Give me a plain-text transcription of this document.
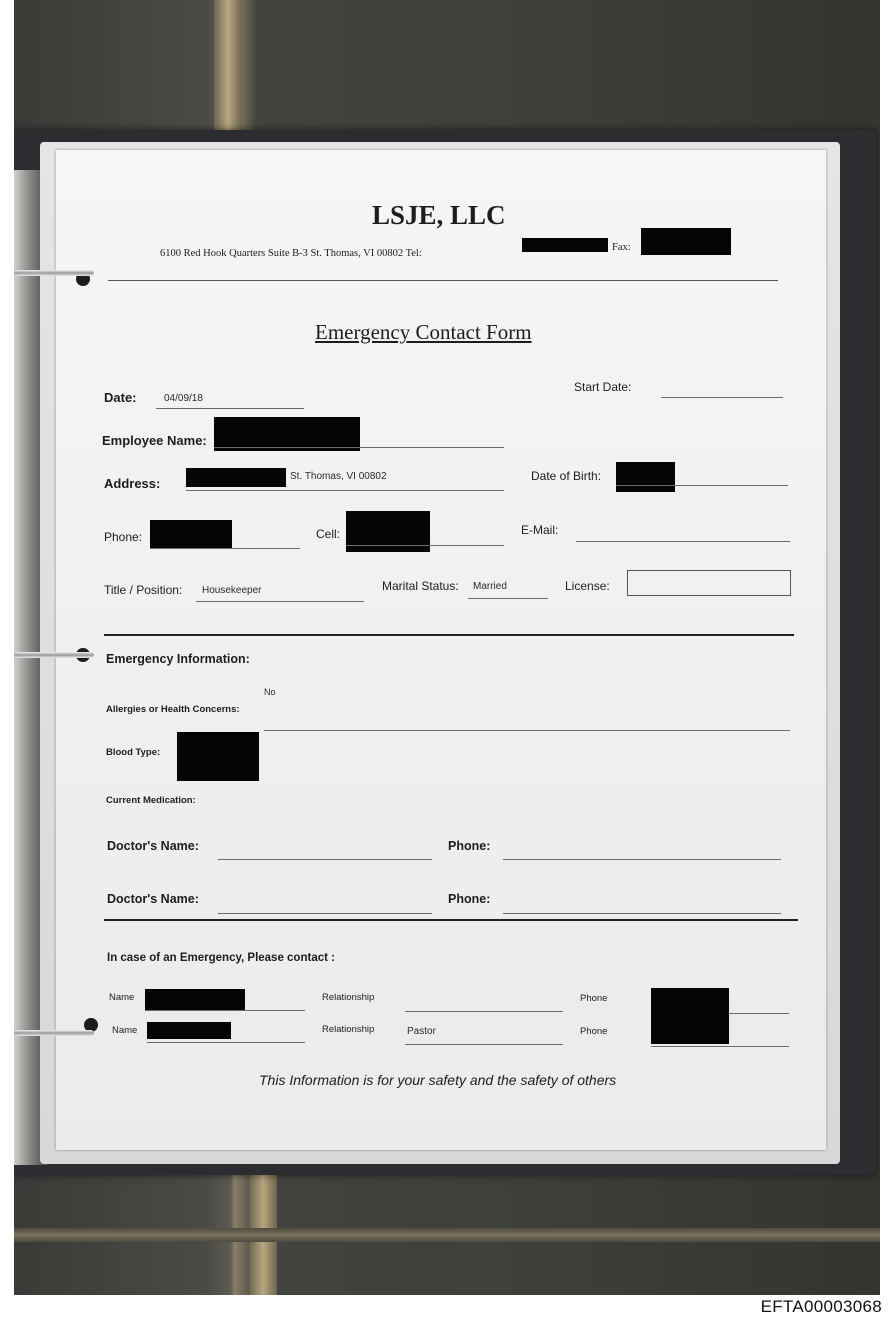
LSJE, LLC
6100 Red Hook Quarters Suite B-3 St. Thomas, VI 00802 Tel:
Fax:
Emergency Contact Form
Date:	04/09/18
Start Date:
Employee Name:
Address:	St. Thomas, VI 00802	Date of Birth:
Phone:	Cell:	E-Mail:
Title / Position: Housekeeper	Marital Status: Married	License:
Emergency Information:
No
Allergies or Health Concerns:
Blood Type:
Current Medication:
Doctor's Name:	Phone:
Doctor's Name:	Phone:
In case of an Emergency, Please contact :
Name	Relationship	Phone
Name	Relationship	Pastor	Phone
This Information is for your safety and the safety of others
EFTA00003068
